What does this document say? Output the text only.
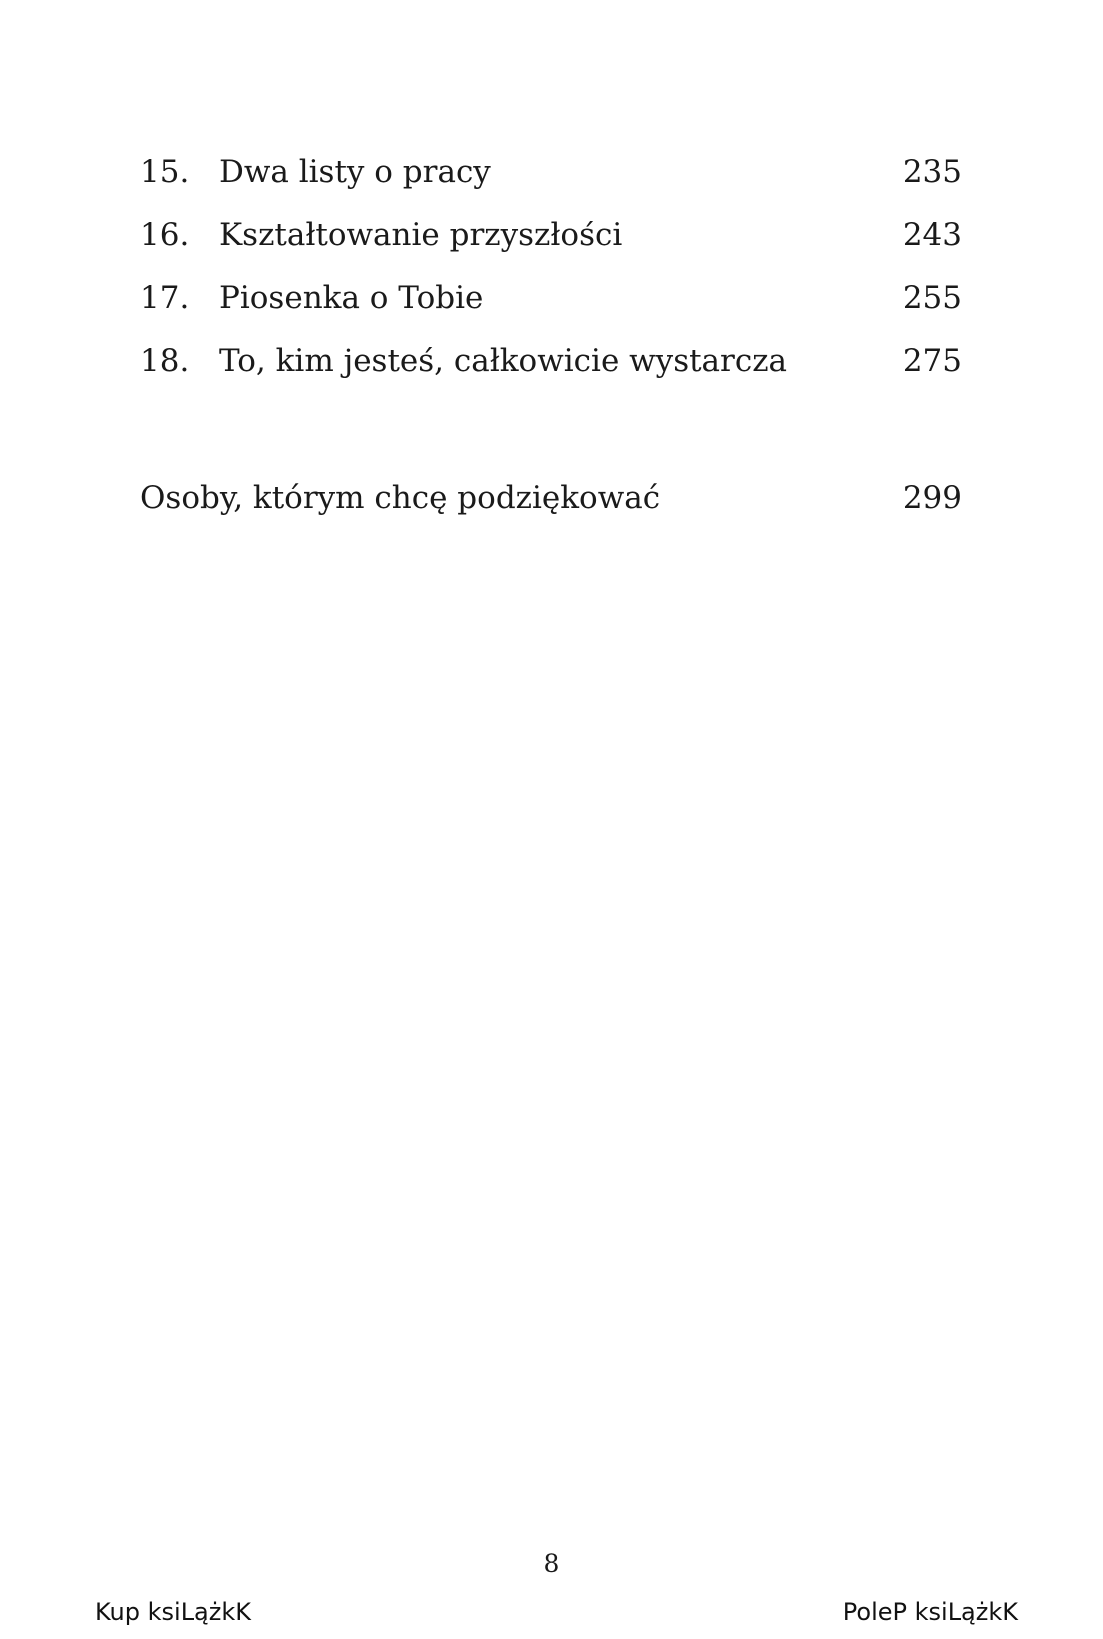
15. Dwa listy o pracy	235
16. Kształtowanie przyszłości	243
17. Piosenka o Tobie	255
18. To, kim jesteś, całkowicie wystarcza	275
Osoby, którym chcę podziękować	299
8
Kup ksiLążkK	PoleP ksiLążkK
